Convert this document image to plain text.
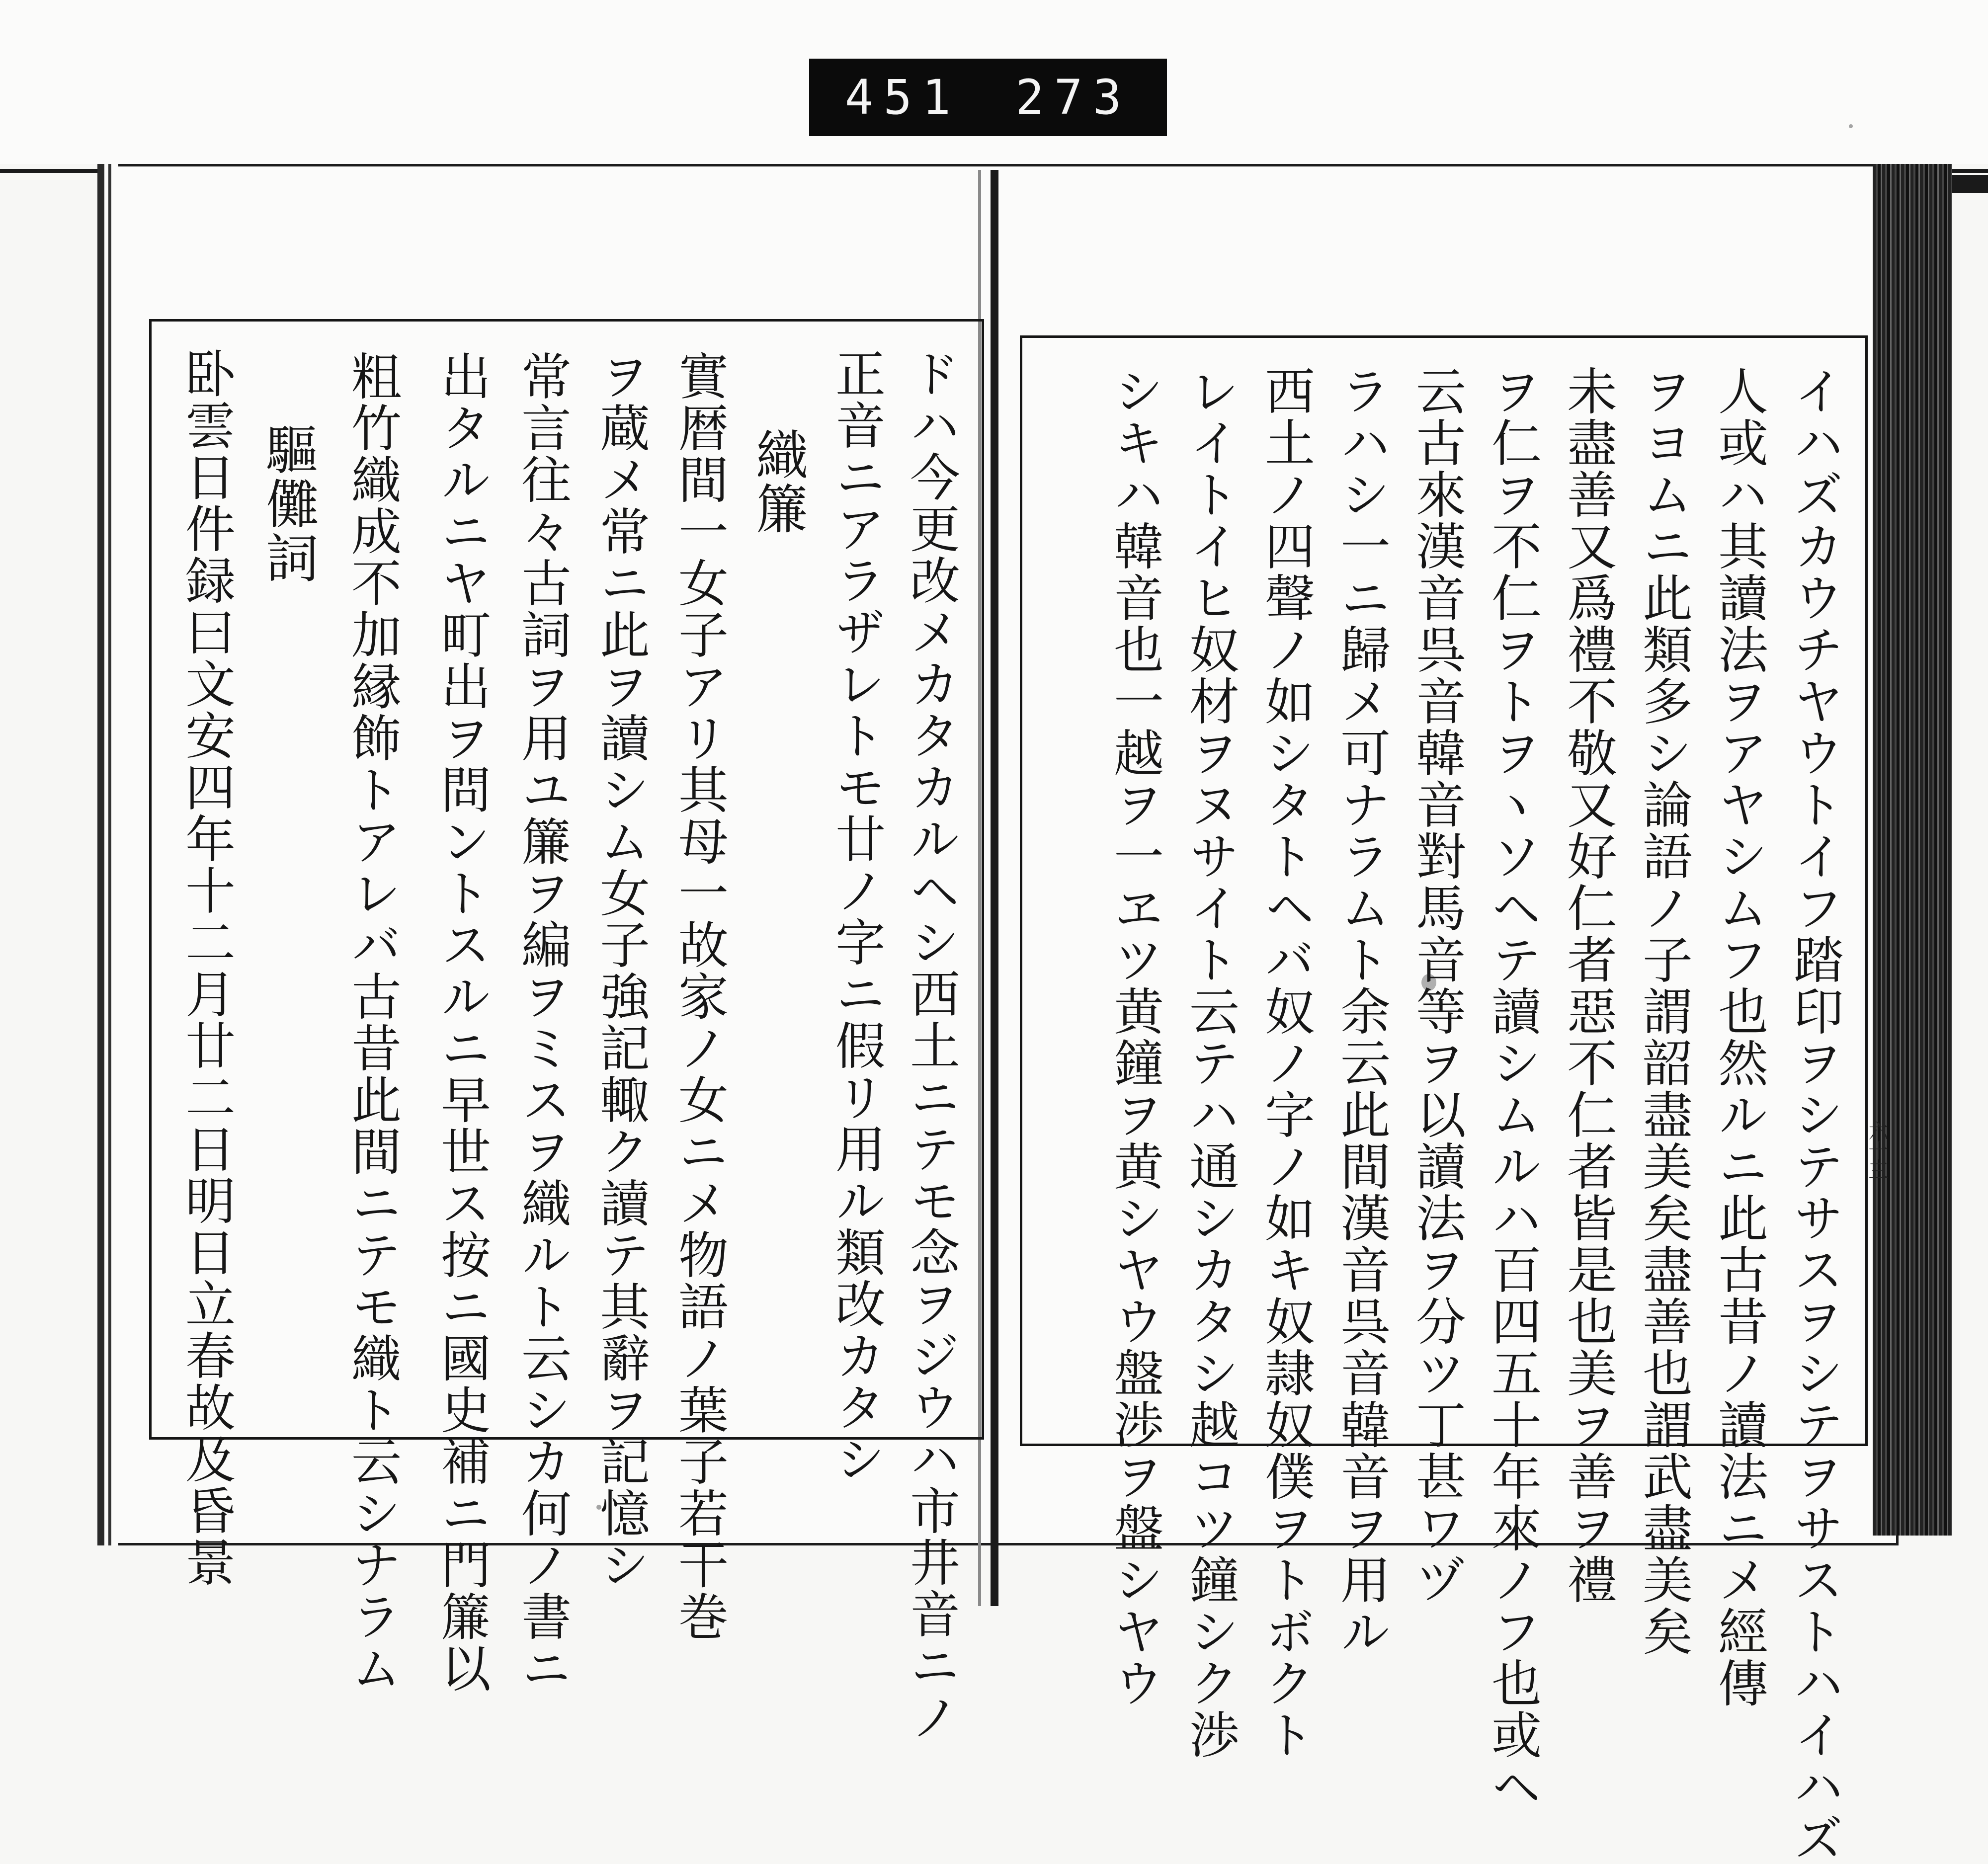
451 273
六十三
イハズカウチヤウトイフ踏印ヲシテサスヲシテヲサストハイハズ
人或ハ其讀法ヲアヤシムフ也然ルニ此古昔ノ讀法ニメ經傳
ヲヨムニ此類多シ論語ノ子謂韶盡美矣盡善也謂武盡美矣
未盡善又爲禮不敬又好仁者惡不仁者皆是也美ヲ善ヲ禮
ヲ仁ヲ不仁ヲトヲヽソヘテ讀シムルハ百四五十年來ノフ也或ヘ
云古來漢音呉音韓音對馬音等ヲ以讀法ヲ分ツ丁甚ワヅ
ラハシ一ニ歸メ可ナラムト余云此間漢音呉音韓音ヲ用ル
西土ノ四聲ノ如シタトヘバ奴ノ字ノ如キ奴隷奴僕ヲトボクト
レイトイヒ奴材ヲヌサイト云テハ通シカタシ越コツ鐘シク渉
シキハ韓音也一越ヲ一ヱツ黄鐘ヲ黄シヤウ盤渉ヲ盤シヤウ
ドハ今更改メカタカルヘシ西土ニテモ念ヲジウハ市井音ニノ
正音ニアラザレトモ廿ノ字ニ假リ用ル類改カタシ
織簾
實暦間一女子アリ其母一故家ノ女ニメ物語ノ葉子若干巻
ヲ蔵メ常ニ此ヲ讀シム女子強記輙ク讀テ其辭ヲ記憶シ
常言往々古詞ヲ用ユ簾ヲ編ヲミスヲ織ルト云シカ何ノ書ニ
出タルニヤ町出ヲ問ントスルニ早世ス按ニ國史補ニ門簾以
粗竹織成不加縁飾トアレバ古昔此間ニテモ織ト云シナラム
驅儺詞
卧雲日件録曰文安四年十二月廿二日明日立春故及昏景
